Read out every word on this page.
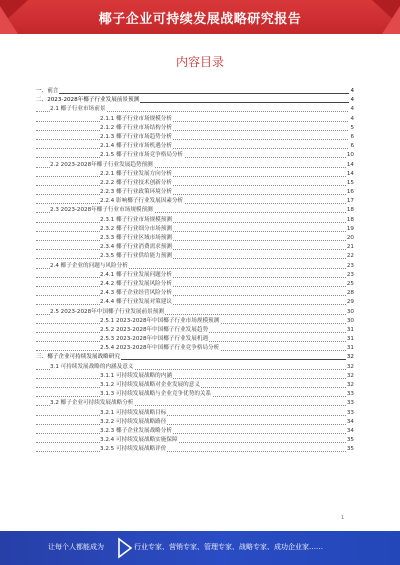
椰子企业可持续发展战略研究报告
内容目录
一、前言	4
二、2023-2028年椰子行业发展前景预测	4
2.1 椰子行业市场前景	4
2.1.1 椰子行业市场规模分析	4
2.1.2 椰子行业市场结构分析	5
2.1.3 椰子行业市场趋势分析	6
2.1.4 椰子行业市场机遇分析	6
2.1.5 椰子行业市场竞争格局分析	10
2.2 2023-2028年椰子行业发展趋势预测	14
2.2.1 椰子行业发展方向分析	14
2.2.2 椰子行业技术创新分析	15
2.2.3 椰子行业政策环境分析	16
2.2.4 影响椰子行业发展因素分析	17
2.3 2023-2028年椰子行业市场规模预测	18
2.3.1 椰子行业市场规模预测	18
2.3.2 椰子行业细分市场预测	19
2.3.3 椰子行业区域市场预测	20
2.3.4 椰子行业消费需求预测	21
2.3.5 椰子行业供给能力预测	22
2.4 椰子企业的问题与风险分析	23
2.4.1 椰子行业发展问题分析	23
2.4.2 椰子行业发展风险分析	25
2.4.3 椰子企业经营风险分析	28
2.4.4 椰子行业发展对策建议	29
2.5 2023-2028年中国椰子行业发展前景预测	30
2.5.1 2023-2028年中国椰子行业市场规模预测	30
2.5.2 2023-2028年中国椰子行业发展趋势	31
2.5.3 2023-2028年中国椰子行业发展机遇	31
2.5.4 2023-2028年中国椰子行业竞争格局分析	31
三、椰子企业可持续发展战略研究	32
3.1 可持续发展战略的内涵及意义	32
3.1.1 可持续发展战略的内涵	32
3.1.2 可持续发展战略对企业发展的意义	32
3.1.3 可持续发展战略与企业竞争优势的关系	33
3.2 椰子企业可持续发展战略分析	33
3.2.1 可持续发展战略目标	33
3.2.2 可持续发展战略路径	34
3.2.3 椰子企业发展战略分析	34
3.2.4 可持续发展战略实施保障	35
3.2.5 可持续发展战略评价	35
1
让每个人都能成为	行业专家、营销专家、管理专家、战略专家、成功企业家……
